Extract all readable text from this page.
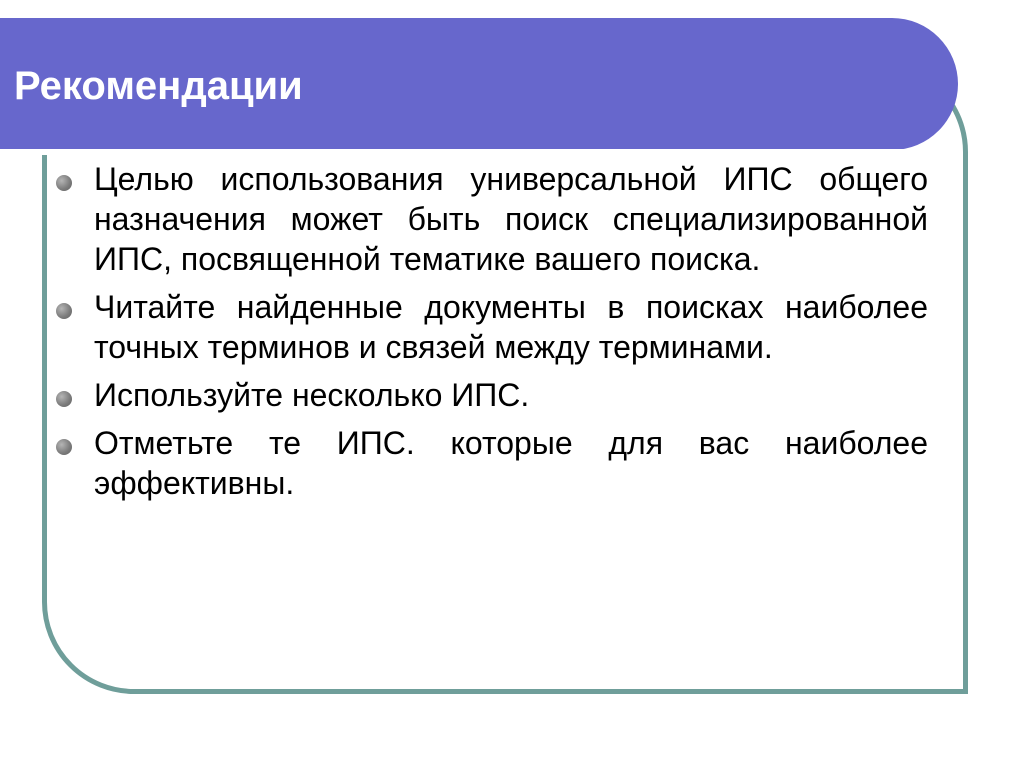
Рекомендации
Целью использования универсальной ИПС общего назначения может быть поиск специализированной ИПС, посвященной тематике вашего поиска.
Читайте найденные документы в поисках наиболее точных терминов и связей между терминами.
Используйте несколько ИПС.
Отметьте те ИПС. которые для вас наиболее эффективны.
